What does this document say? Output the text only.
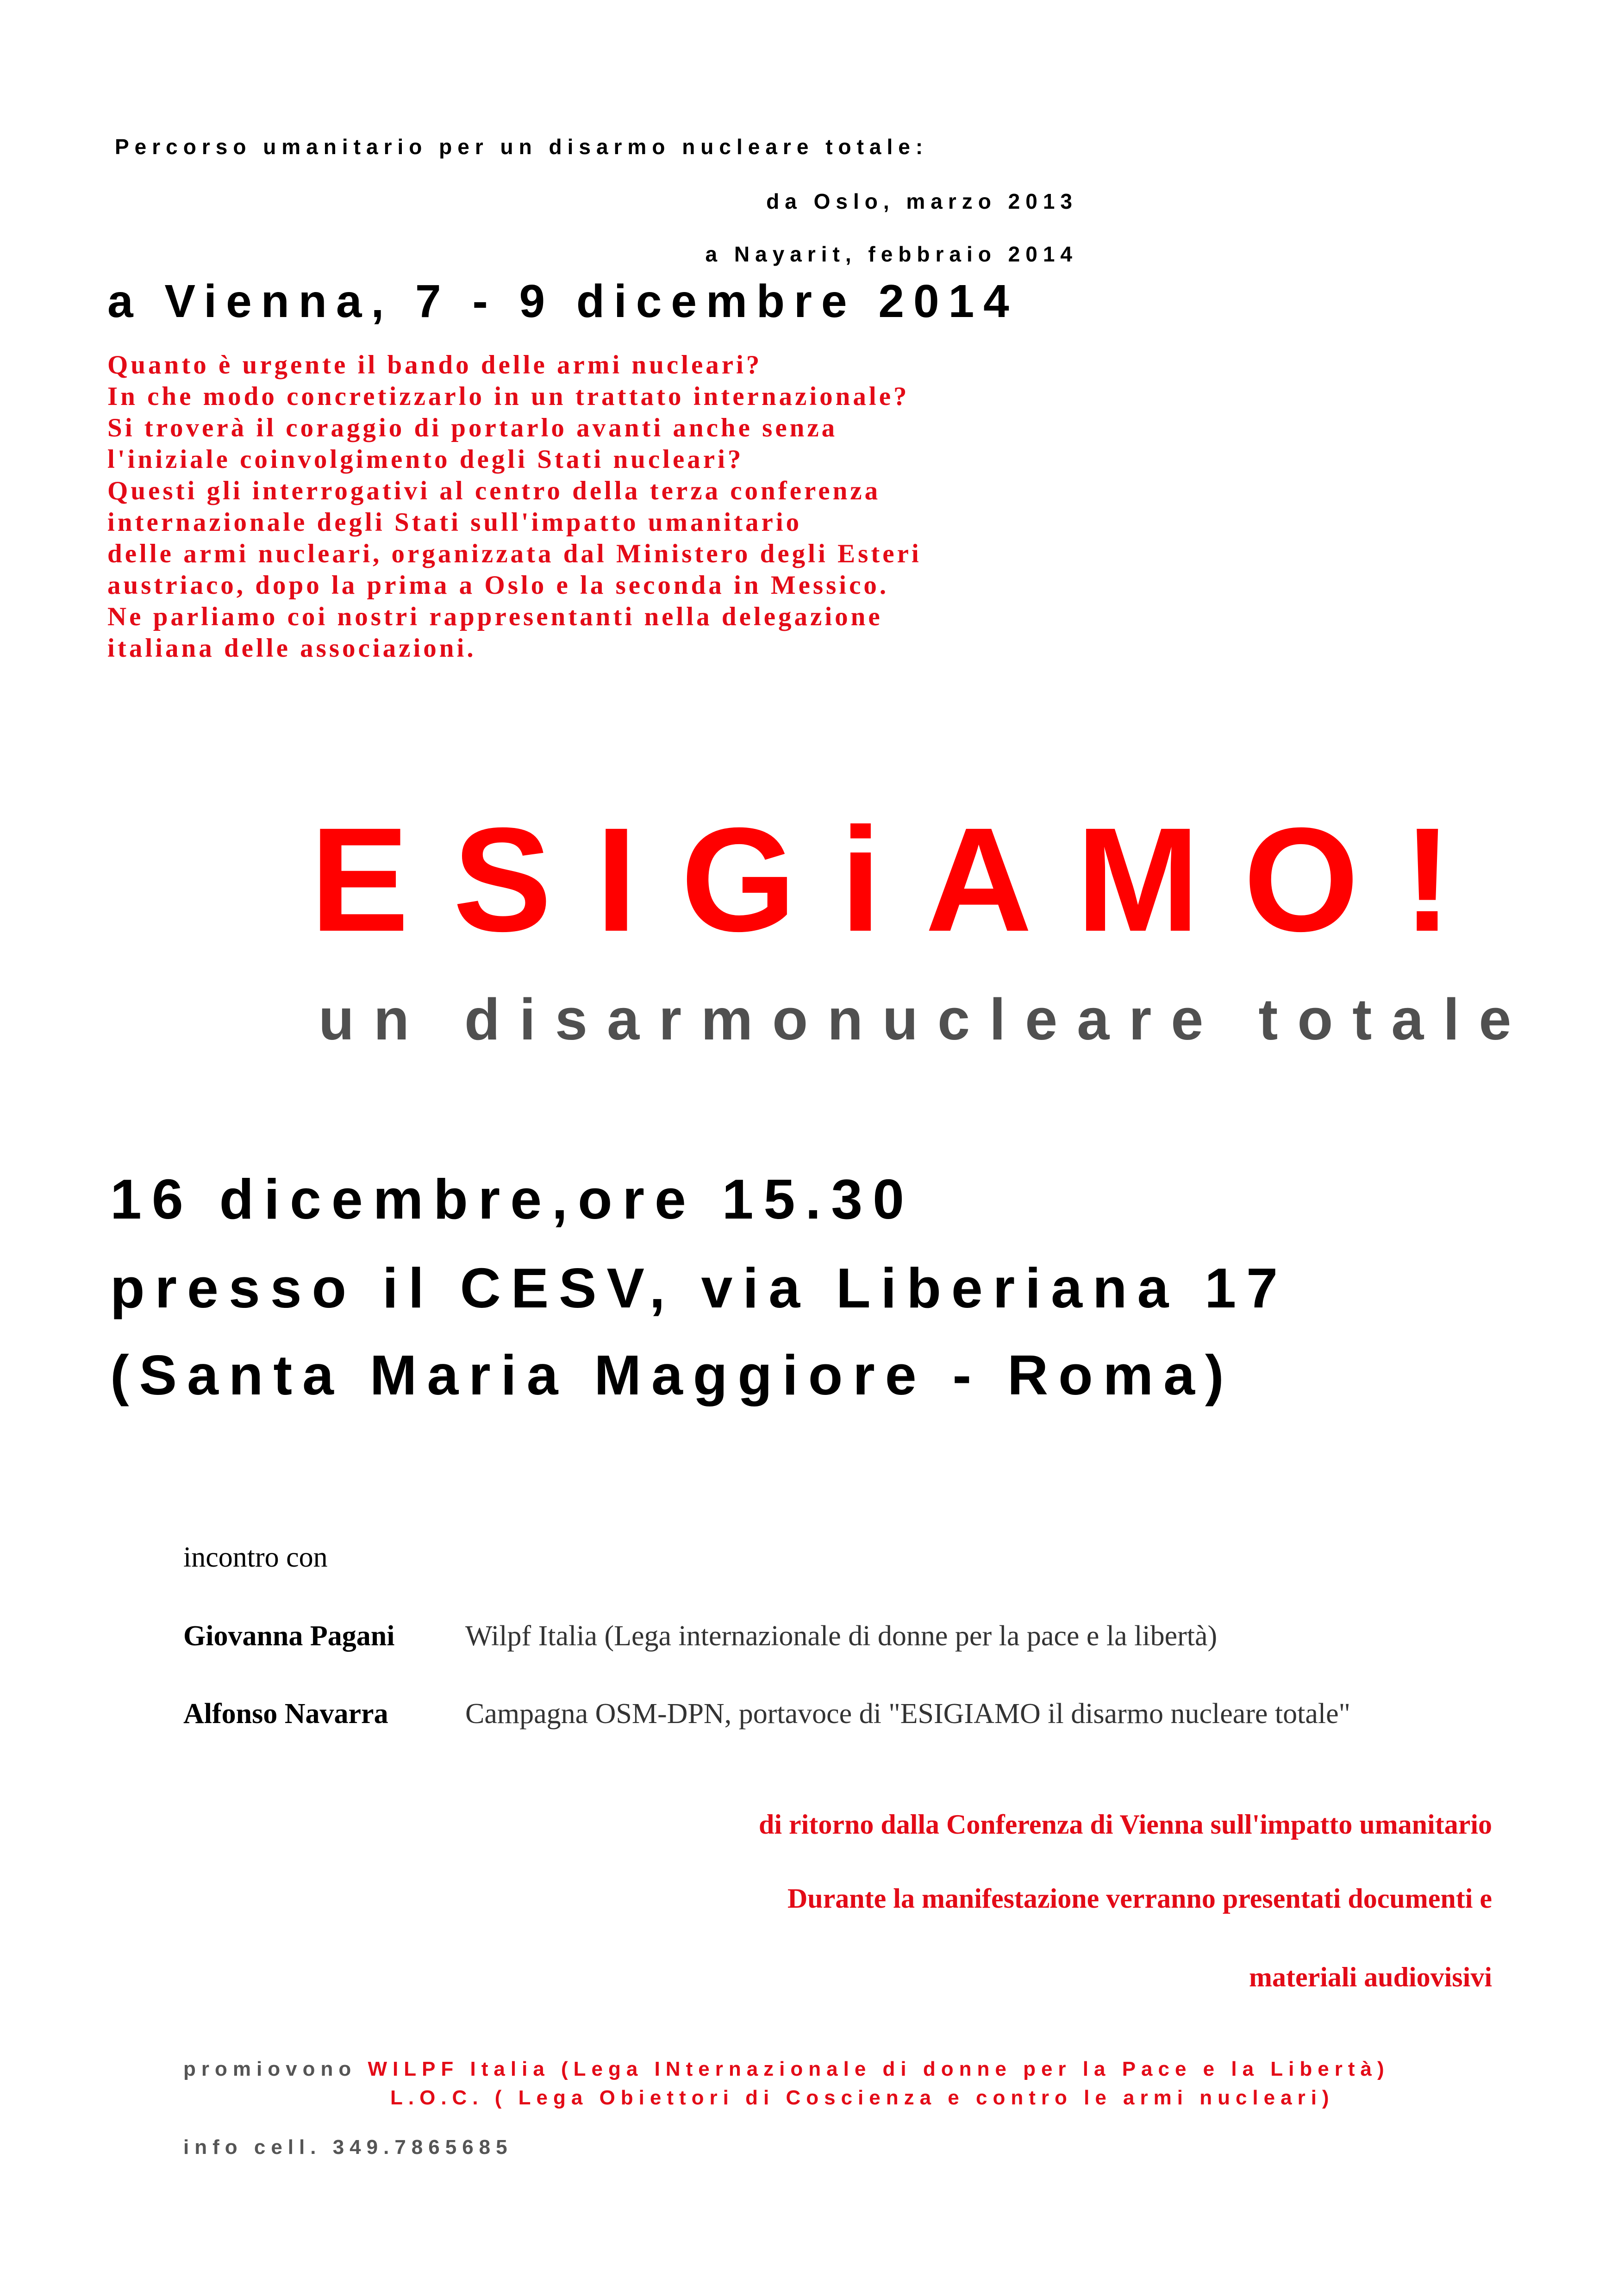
Percorso umanitario per un disarmo nucleare totale:
da Oslo, marzo 2013
a Nayarit, febbraio 2014
a Vienna, 7 - 9 dicembre 2014
Quanto è urgente il bando delle armi nucleari?
In che modo concretizzarlo in un trattato internazionale?
Si troverà il coraggio di portarlo avanti anche senza
l'iniziale coinvolgimento degli Stati nucleari?
Questi gli interrogativi al centro della terza conferenza
internazionale degli Stati sull'impatto umanitario
delle armi nucleari, organizzata dal Ministero degli Esteri
austriaco, dopo la prima a Oslo e la seconda in Messico.
Ne parliamo coi nostri rappresentanti nella delegazione
italiana delle associazioni.
ESIGiAMO!
un disarmonucleare totale
16 dicembre,ore 15.30
presso il CESV, via Liberiana 17
(Santa Maria Maggiore - Roma)
incontro con
Giovanna Pagani Wilpf Italia (Lega internazionale di donne per la pace e la libertà)
Alfonso Navarra	Campagna OSM-DPN, portavoce di "ESIGIAMO il disarmo nucleare totale"
di ritorno dalla Conferenza di Vienna sull'impatto umanitario
Durante la manifestazione verranno presentati documenti e
materiali audiovisivi
promiovono WILPF Italia (Lega INternazionale di donne per la Pace e la Libertà)
L.O.C. ( Lega Obiettori di Coscienza e contro le armi nucleari)
info cell. 349.7865685
